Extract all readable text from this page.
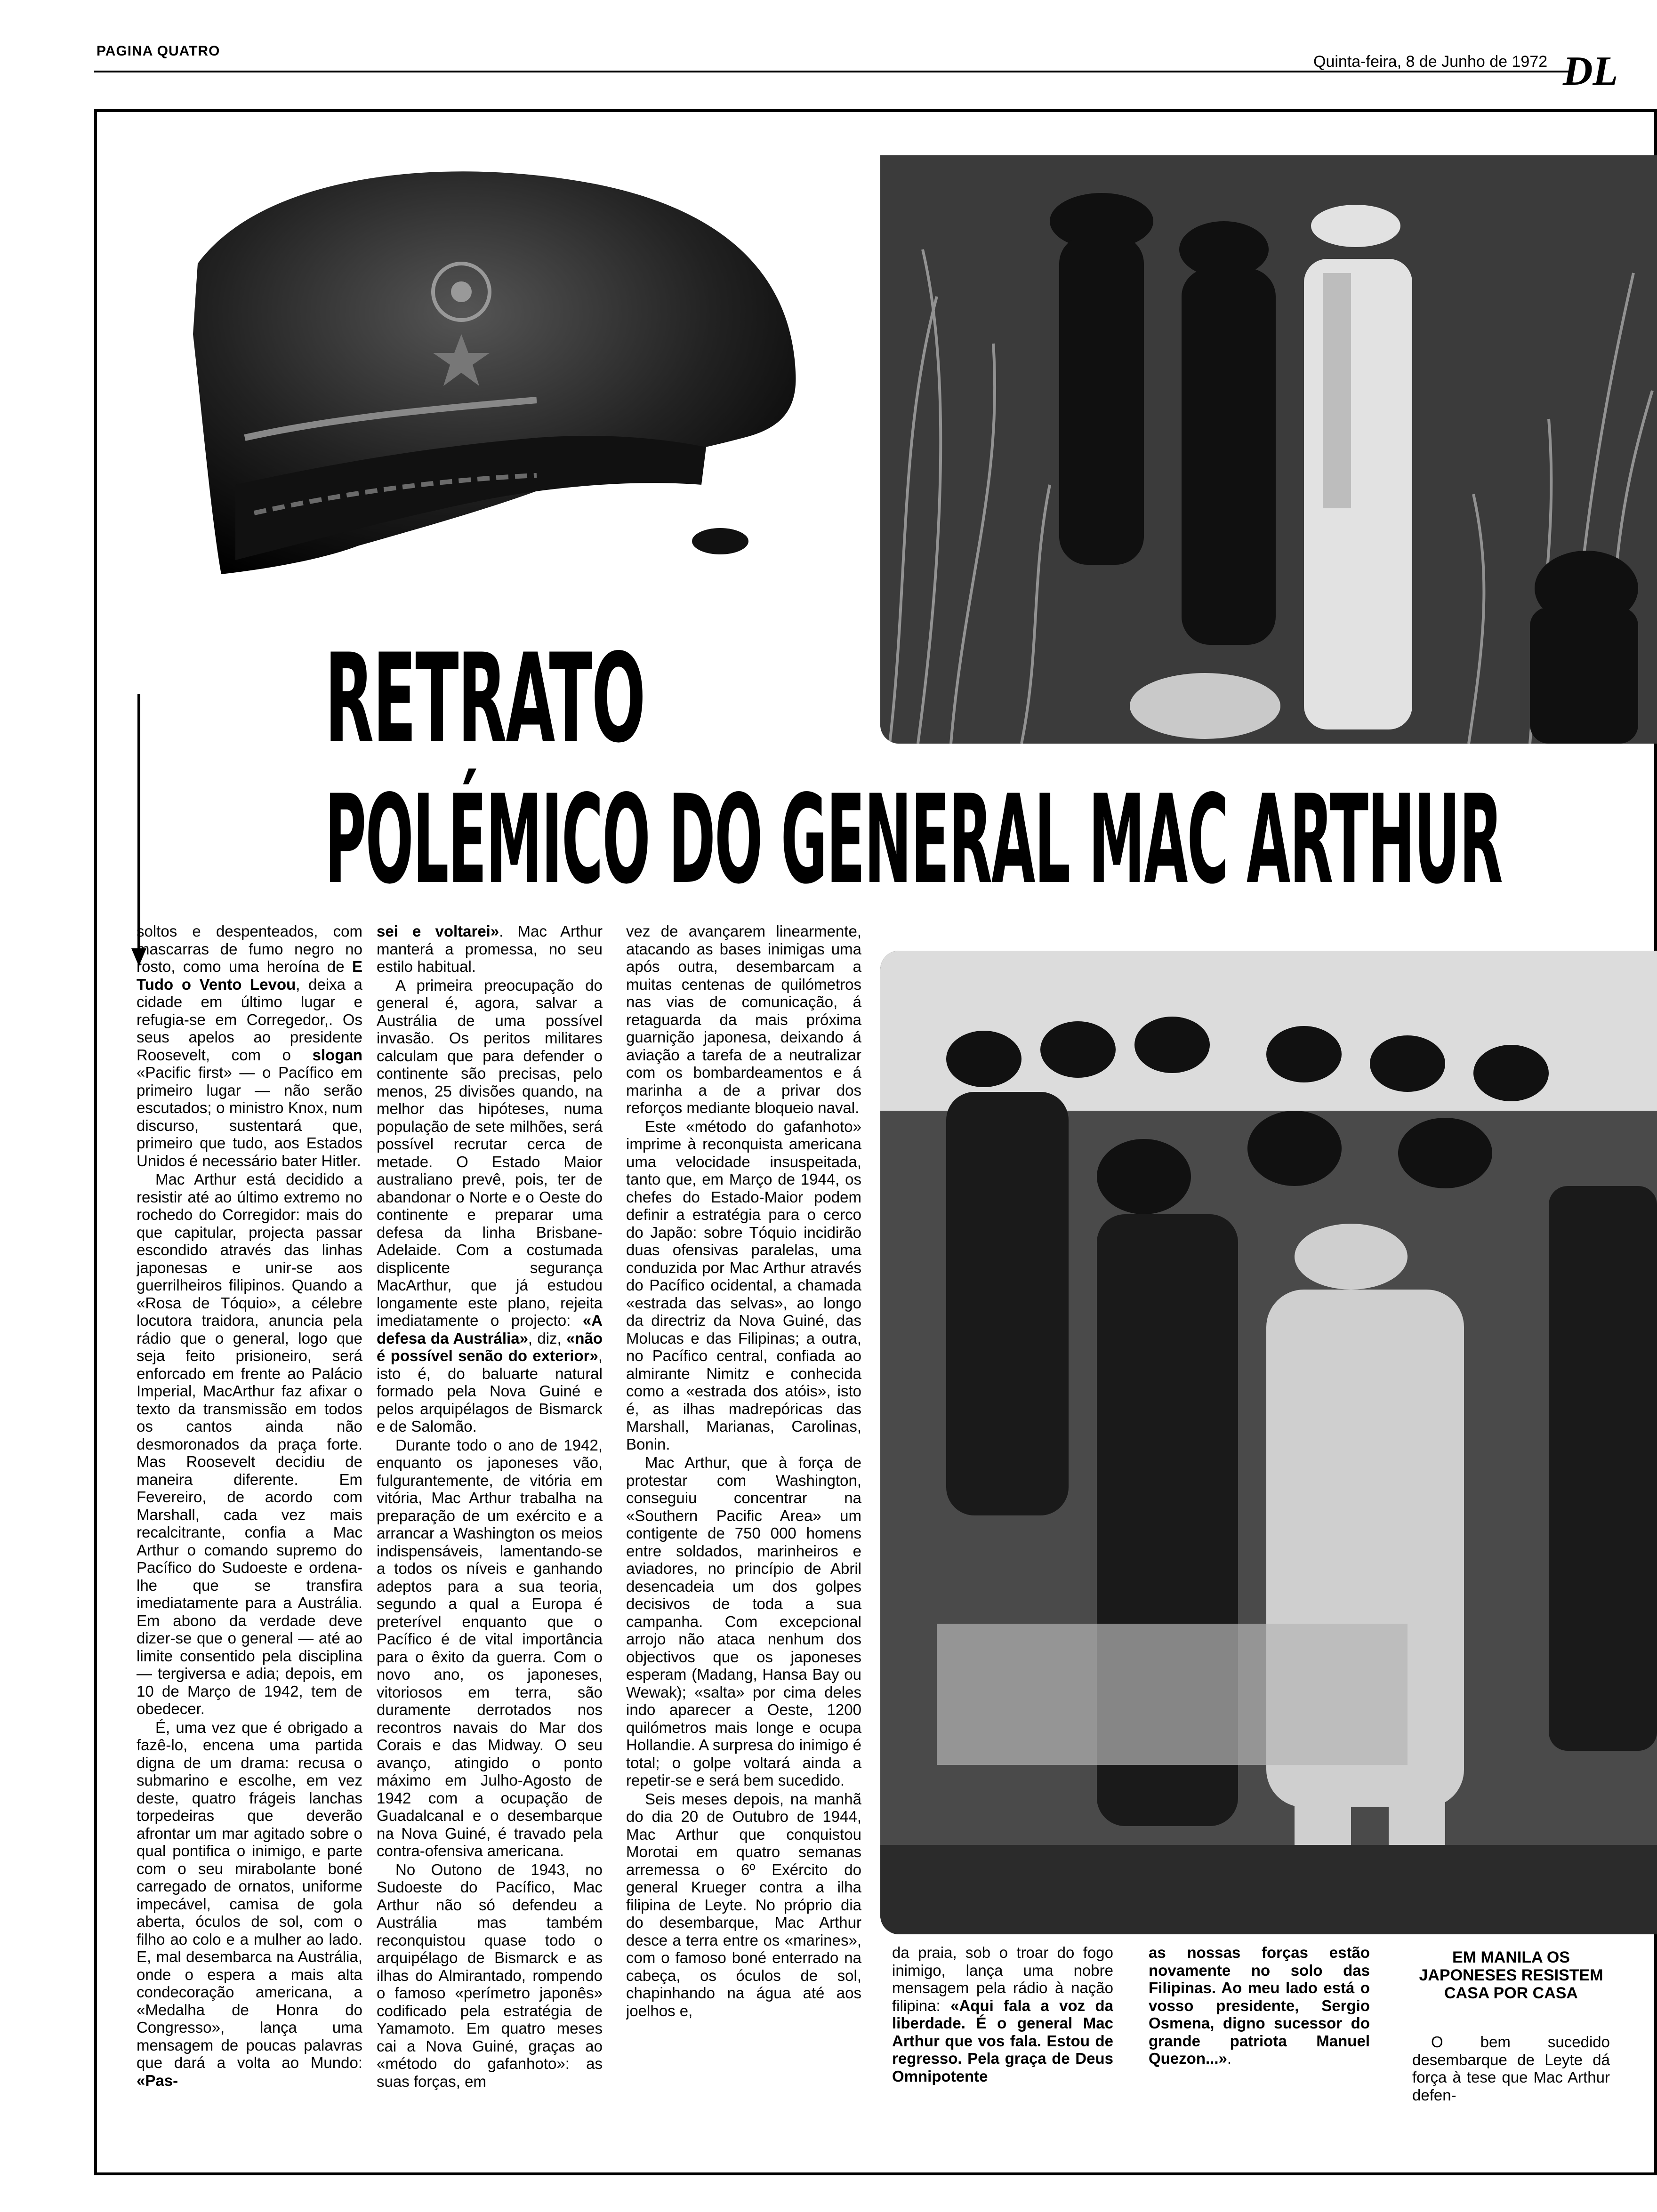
PAGINA QUATRO
Quinta-feira, 8 de Junho de 1972 DL
RETRATO
POLÉMICO DO GENERAL MAC ARTHUR

soltos e despenteados, com mascarras de fumo negro no rosto, como uma heroína de E Tudo o Vento Levou, deixa a cidade em último lugar e refugia-se em Corregedor,. Os seus apelos ao presidente Roosevelt, com o slogan «Pacific first» — o Pacífico em primeiro lugar — não serão escutados; o ministro Knox, num discurso, sustentará que, primeiro que tudo, aos Estados Unidos é necessário bater Hitler.

Mac Arthur está decidido a resistir até ao último extremo no rochedo do Corregidor: mais do que capitular, projecta passar escondido através das linhas japonesas e unir-se aos guerrilheiros filipinos. Quando a «Rosa de Tóquio», a célebre locutora traidora, anuncia pela rádio que o general, logo que seja feito prisioneiro, será enforcado em frente ao Palácio Imperial, MacArthur faz afixar o texto da transmissão em todos os cantos ainda não desmoronados da praça forte. Mas Roosevelt decidiu de maneira diferente. Em Fevereiro, de acordo com Marshall, cada vez mais recalcitrante, confia a Mac Arthur o comando supremo do Pacífico do Sudoeste e ordena-lhe que se transfira imediatamente para a Austrália. Em abono da verdade deve dizer-se que o general — até ao limite consentido pela disciplina — tergiversa e adia; depois, em 10 de Março de 1942, tem de obedecer.

É, uma vez que é obrigado a fazê-lo, encena uma partida digna de um drama: recusa o submarino e escolhe, em vez deste, quatro frágeis lanchas torpedeiras que deverão afrontar um mar agitado sobre o qual pontifica o inimigo, e parte com o seu mirabolante boné carregado de ornatos, uniforme impecável, camisa de gola aberta, óculos de sol, com o filho ao colo e a mulher ao lado. E, mal desembarca na Austrália, onde o espera a mais alta condecoração americana, a «Medalha de Honra do Congresso», lança uma mensagem de poucas palavras que dará a volta ao Mundo: «Pas-

sei e voltarei». Mac Arthur manterá a promessa, no seu estilo habitual.

A primeira preocupação do general é, agora, salvar a Austrália de uma possível invasão. Os peritos militares calculam que para defender o continente são precisas, pelo menos, 25 divisões quando, na melhor das hipóteses, numa população de sete milhões, será possível recrutar cerca de metade. O Estado Maior australiano prevê, pois, ter de abandonar o Norte e o Oeste do continente e preparar uma defesa da linha Brisbane-Adelaide. Com a costumada displicente segurança MacArthur, que já estudou longamente este plano, rejeita imediatamente o projecto: «A defesa da Austrália», diz, «não é possível senão do exterior», isto é, do baluarte natural formado pela Nova Guiné e pelos arquipélagos de Bismarck e de Salomão.

Durante todo o ano de 1942, enquanto os japoneses vão, fulgurantemente, de vitória em vitória, Mac Arthur trabalha na preparação de um exército e a arrancar a Washington os meios indispensáveis, lamentando-se a todos os níveis e ganhando adeptos para a sua teoria, segundo a qual a Europa é preterível enquanto que o Pacífico é de vital importância para o êxito da guerra. Com o novo ano, os japoneses, vitoriosos em terra, são duramente derrotados nos recontros navais do Mar dos Corais e das Midway. O seu avanço, atingido o ponto máximo em Julho-Agosto de 1942 com a ocupação de Guadalcanal e o desembarque na Nova Guiné, é travado pela contra-ofensiva americana.

No Outono de 1943, no Sudoeste do Pacífico, Mac Arthur não só defendeu a Austrália mas também reconquistou quase todo o arquipélago de Bismarck e as ilhas do Almirantado, rompendo o famoso «perímetro japonês» codificado pela estratégia de Yamamoto. Em quatro meses cai a Nova Guiné, graças ao «método do gafanhoto»: as suas forças, em

vez de avançarem linearmente, atacando as bases inimigas uma após outra, desembarcam a muitas centenas de quilómetros nas vias de comunicação, á retaguarda da mais próxima guarnição japonesa, deixando á aviação a tarefa de a neutralizar com os bombardeamentos e á marinha a de a privar dos reforços mediante bloqueio naval.

Este «método do gafanhoto» imprime à reconquista americana uma velocidade insuspeitada, tanto que, em Março de 1944, os chefes do Estado-Maior podem definir a estratégia para o cerco do Japão: sobre Tóquio incidirão duas ofensivas paralelas, uma conduzida por Mac Arthur através do Pacífico ocidental, a chamada «estrada das selvas», ao longo da directriz da Nova Guiné, das Molucas e das Filipinas; a outra, no Pacífico central, confiada ao almirante Nimitz e conhecida como a «estrada dos atóis», isto é, as ilhas madrepóricas das Marshall, Marianas, Carolinas, Bonin.

Mac Arthur, que à força de protestar com Washington, conseguiu concentrar na «Southern Pacific Area» um contigente de 750 000 homens entre soldados, marinheiros e aviadores, no princípio de Abril desencadeia um dos golpes decisivos de toda a sua campanha. Com excepcional arrojo não ataca nenhum dos objectivos que os japoneses esperam (Madang, Hansa Bay ou Wewak); «salta» por cima deles indo aparecer a Oeste, 1200 quilómetros mais longe e ocupa Hollandie. A surpresa do inimigo é total; o golpe voltará ainda a repetir-se e será bem sucedido.

Seis meses depois, na manhã do dia 20 de Outubro de 1944, Mac Arthur que conquistou Morotai em quatro semanas arremessa o 6º Exército do general Krueger contra a ilha filipina de Leyte. No próprio dia do desembarque, Mac Arthur desce a terra entre os «marines», com o famoso boné enterrado na cabeça, os óculos de sol, chapinhando na água até aos joelhos e,

da praia, sob o troar do fogo inimigo, lança uma nobre mensagem pela rádio à nação filipina: «Aqui fala a voz da liberdade. É o general Mac Arthur que vos fala. Estou de regresso. Pela graça de Deus Omnipotente

as nossas forças estão novamente no solo das Filipinas. Ao meu lado está o vosso presidente, Sergio Osmena, digno sucessor do grande patriota Manuel Quezon...».

EM MANILA OS JAPONESES RESISTEM CASA POR CASA

O bem sucedido desembarque de Leyte dá força à tese que Mac Arthur defen-
